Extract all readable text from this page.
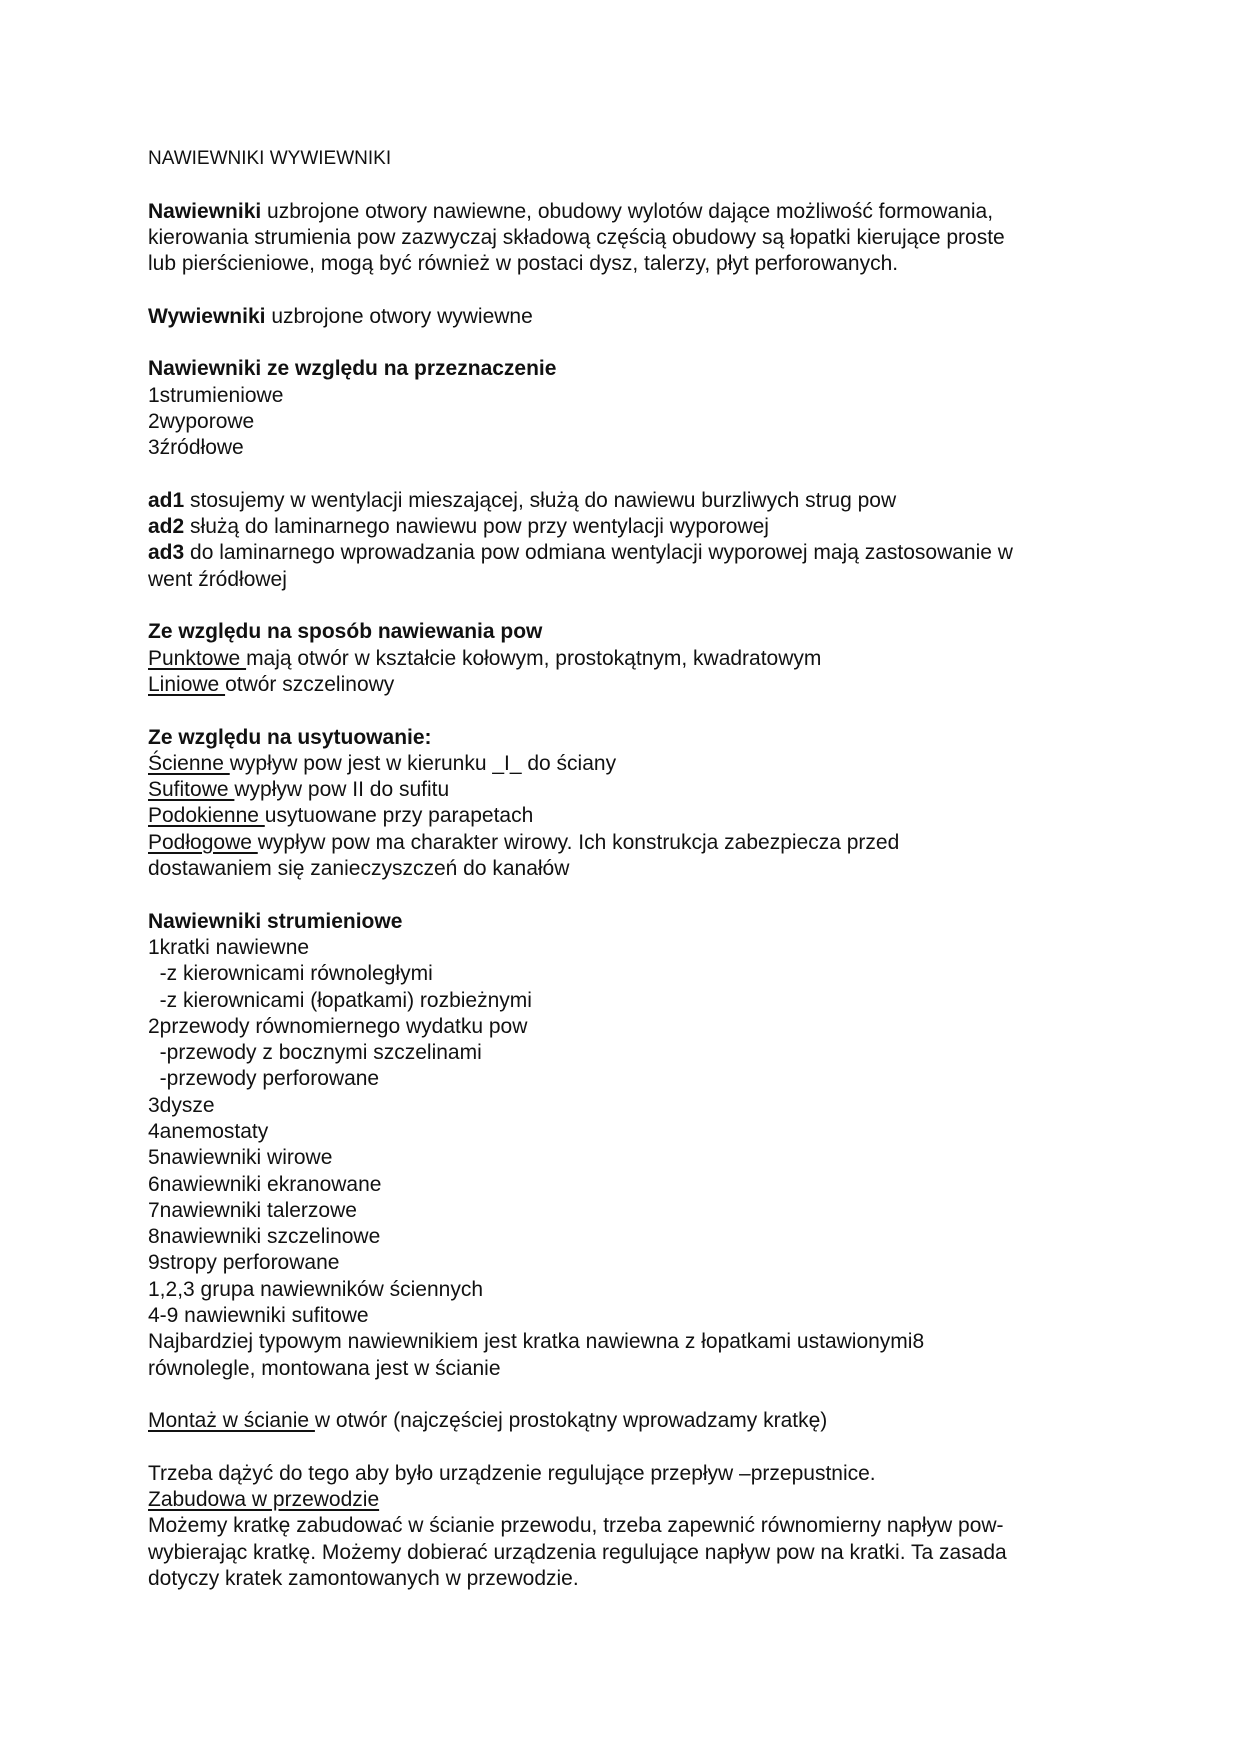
NAWIEWNIKI WYWIEWNIKI

Nawiewniki uzbrojone otwory nawiewne, obudowy wylotów dające możliwość formowania,

kierowania strumienia pow zazwyczaj składową częścią obudowy są łopatki kierujące proste

lub pierścieniowe, mogą być również w postaci dysz, talerzy, płyt perforowanych.

Wywiewniki uzbrojone otwory wywiewne

Nawiewniki ze względu na przeznaczenie

1strumieniowe

2wyporowe

3źródłowe

ad1 stosujemy w wentylacji mieszającej, służą do nawiewu burzliwych strug pow

ad2 służą do laminarnego nawiewu pow przy wentylacji wyporowej

ad3 do laminarnego wprowadzania pow odmiana wentylacji wyporowej mają zastosowanie w

went źródłowej

Ze względu na sposób nawiewania pow

Punktowe mają otwór w kształcie kołowym, prostokątnym, kwadratowym

Liniowe otwór szczelinowy

Ze względu na usytuowanie:

Ścienne wypływ pow jest w kierunku _I_ do ściany

Sufitowe wypływ pow II do sufitu

Podokienne usytuowane przy parapetach

Podłogowe wypływ pow ma charakter wirowy. Ich konstrukcja zabezpiecza przed

dostawaniem się zanieczyszczeń do kanałów

Nawiewniki strumieniowe

1kratki nawiewne

-z kierownicami równoległymi

-z kierownicami (łopatkami) rozbieżnymi

2przewody równomiernego wydatku pow

-przewody z bocznymi szczelinami

-przewody perforowane

3dysze

4anemostaty

5nawiewniki wirowe

6nawiewniki ekranowane

7nawiewniki talerzowe

8nawiewniki szczelinowe

9stropy perforowane

1,2,3 grupa nawiewników ściennych

4-9 nawiewniki sufitowe

Najbardziej typowym nawiewnikiem jest kratka nawiewna z łopatkami ustawionymi8

równolegle, montowana jest w ścianie

Montaż w ścianie w otwór (najczęściej prostokątny wprowadzamy kratkę)

Trzeba dążyć do tego aby było urządzenie regulujące przepływ –przepustnice.

Zabudowa w przewodzie

Możemy kratkę zabudować w ścianie przewodu, trzeba zapewnić równomierny napływ pow-

wybierając kratkę. Możemy dobierać urządzenia regulujące napływ pow na kratki. Ta zasada

dotyczy kratek zamontowanych w przewodzie.
